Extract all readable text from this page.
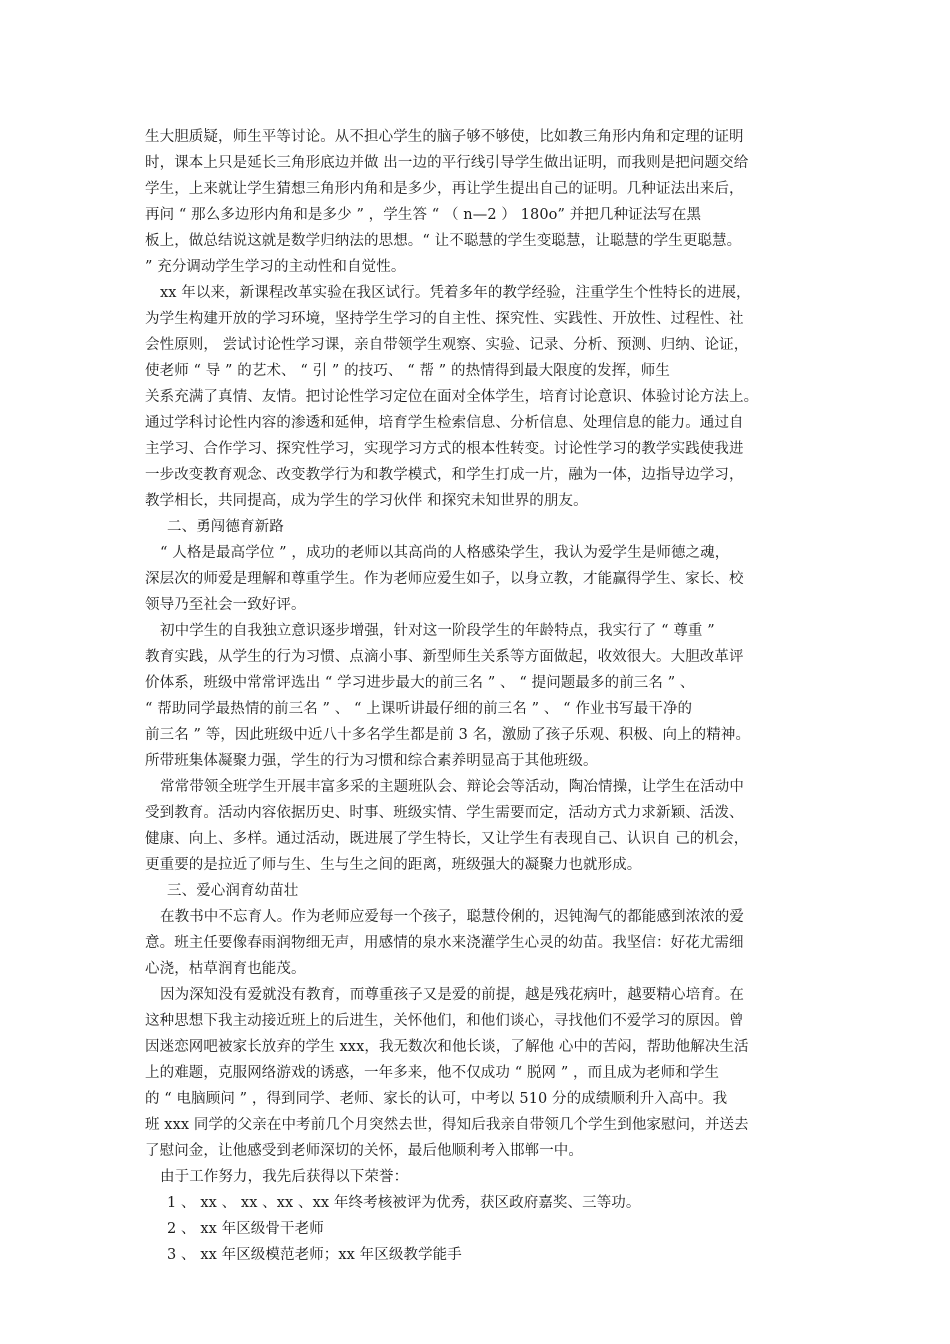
生大胆质疑，师生平等讨论。从不担心学生的脑子够不够使，比如教三角形内角和定理的证明
时，课本上只是延长三角形底边并做 出一边的平行线引导学生做出证明，而我则是把问题交给
学生，上来就让学生猜想三角形内角和是多少，再让学生提出自己的证明。几种证法出来后，
再问 “ 那么多边形内角和是多少 ” ，学生答 “ （ n—2 ） 180o” 并把几种证法写在黑
板上，做总结说这就是数学归纳法的思想。“ 让不聪慧的学生变聪慧，让聪慧的学生更聪慧。
” 充分调动学生学习的主动性和自觉性。
xx 年以来，新课程改革实验在我区试行。凭着多年的教学经验，注重学生个性特长的进展，
为学生构建开放的学习环境，坚持学生学习的自主性、探究性、实践性、开放性、过程性、社
会性原则， 尝试讨论性学习课，亲自带领学生观察、实验、记录、分析、预测、归纳、论证，
使老师 “ 导 ” 的艺术、 “ 引 ” 的技巧、 “ 帮 ” 的热情得到最大限度的发挥，师生
关系充满了真情、友情。把讨论性学习定位在面对全体学生，培育讨论意识、体验讨论方法上。
通过学科讨论性内容的渗透和延伸，培育学生检索信息、分析信息、处理信息的能力。通过自
主学习、合作学习、探究性学习，实现学习方式的根本性转变。讨论性学习的教学实践使我进
一步改变教育观念、改变教学行为和教学模式，和学生打成一片，融为一体，边指导边学习，
教学相长，共同提高，成为学生的学习伙伴 和探究未知世界的朋友。
二、勇闯德育新路
“ 人格是最高学位 ” ，成功的老师以其高尚的人格感染学生，我认为爱学生是师德之魂，
深层次的师爱是理解和尊重学生。作为老师应爱生如子，以身立教，才能赢得学生、家长、校
领导乃至社会一致好评。
初中学生的自我独立意识逐步增强，针对这一阶段学生的年龄特点，我实行了 “ 尊重 ”
教育实践，从学生的行为习惯、点滴小事、新型师生关系等方面做起，收效很大。大胆改革评
价体系，班级中常常评选出 “ 学习进步最大的前三名 ” 、 “ 提问题最多的前三名 ” 、
“ 帮助同学最热情的前三名 ” 、 “ 上课听讲最仔细的前三名 ” 、 “ 作业书写最干净的
前三名 ” 等，因此班级中近八十多名学生都是前 3 名，激励了孩子乐观、积极、向上的精神。
所带班集体凝聚力强，学生的行为习惯和综合素养明显高于其他班级。
常常带领全班学生开展丰富多采的主题班队会、辩论会等活动，陶冶情操，让学生在活动中
受到教育。活动内容依据历史、时事、班级实情、学生需要而定，活动方式力求新颖、活泼、
健康、向上、多样。通过活动，既进展了学生特长，又让学生有表现自己、认识自 己的机会，
更重要的是拉近了师与生、生与生之间的距离，班级强大的凝聚力也就形成。
三、爱心润育幼苗壮
在教书中不忘育人。作为老师应爱每一个孩子，聪慧伶俐的，迟钝淘气的都能感到浓浓的爱
意。班主任要像春雨润物细无声，用感情的泉水来浇灌学生心灵的幼苗。我坚信：好花尤需细
心浇，枯草润育也能茂。
因为深知没有爱就没有教育，而尊重孩子又是爱的前提，越是残花病叶，越要精心培育。在
这种思想下我主动接近班上的后进生，关怀他们，和他们谈心，寻找他们不爱学习的原因。曾
因迷恋网吧被家长放弃的学生 xxx，我无数次和他长谈，了解他 心中的苦闷，帮助他解决生活
上的难题，克服网络游戏的诱惑，一年多来，他不仅成功 “ 脱网 ” ，而且成为老师和学生
的 “ 电脑顾问 ” ，得到同学、老师、家长的认可，中考以 510 分的成绩顺利升入高中。我
班 xxx 同学的父亲在中考前几个月突然去世，得知后我亲自带领几个学生到他家慰问，并送去
了慰问金，让他感受到老师深切的关怀，最后他顺利考入邯郸一中。
由于工作努力，我先后获得以下荣誉：
1 、 xx 、 xx 、xx 、xx 年终考核被评为优秀，获区政府嘉奖、三等功。
2 、 xx 年区级骨干老师
3 、 xx 年区级模范老师；xx 年区级教学能手
